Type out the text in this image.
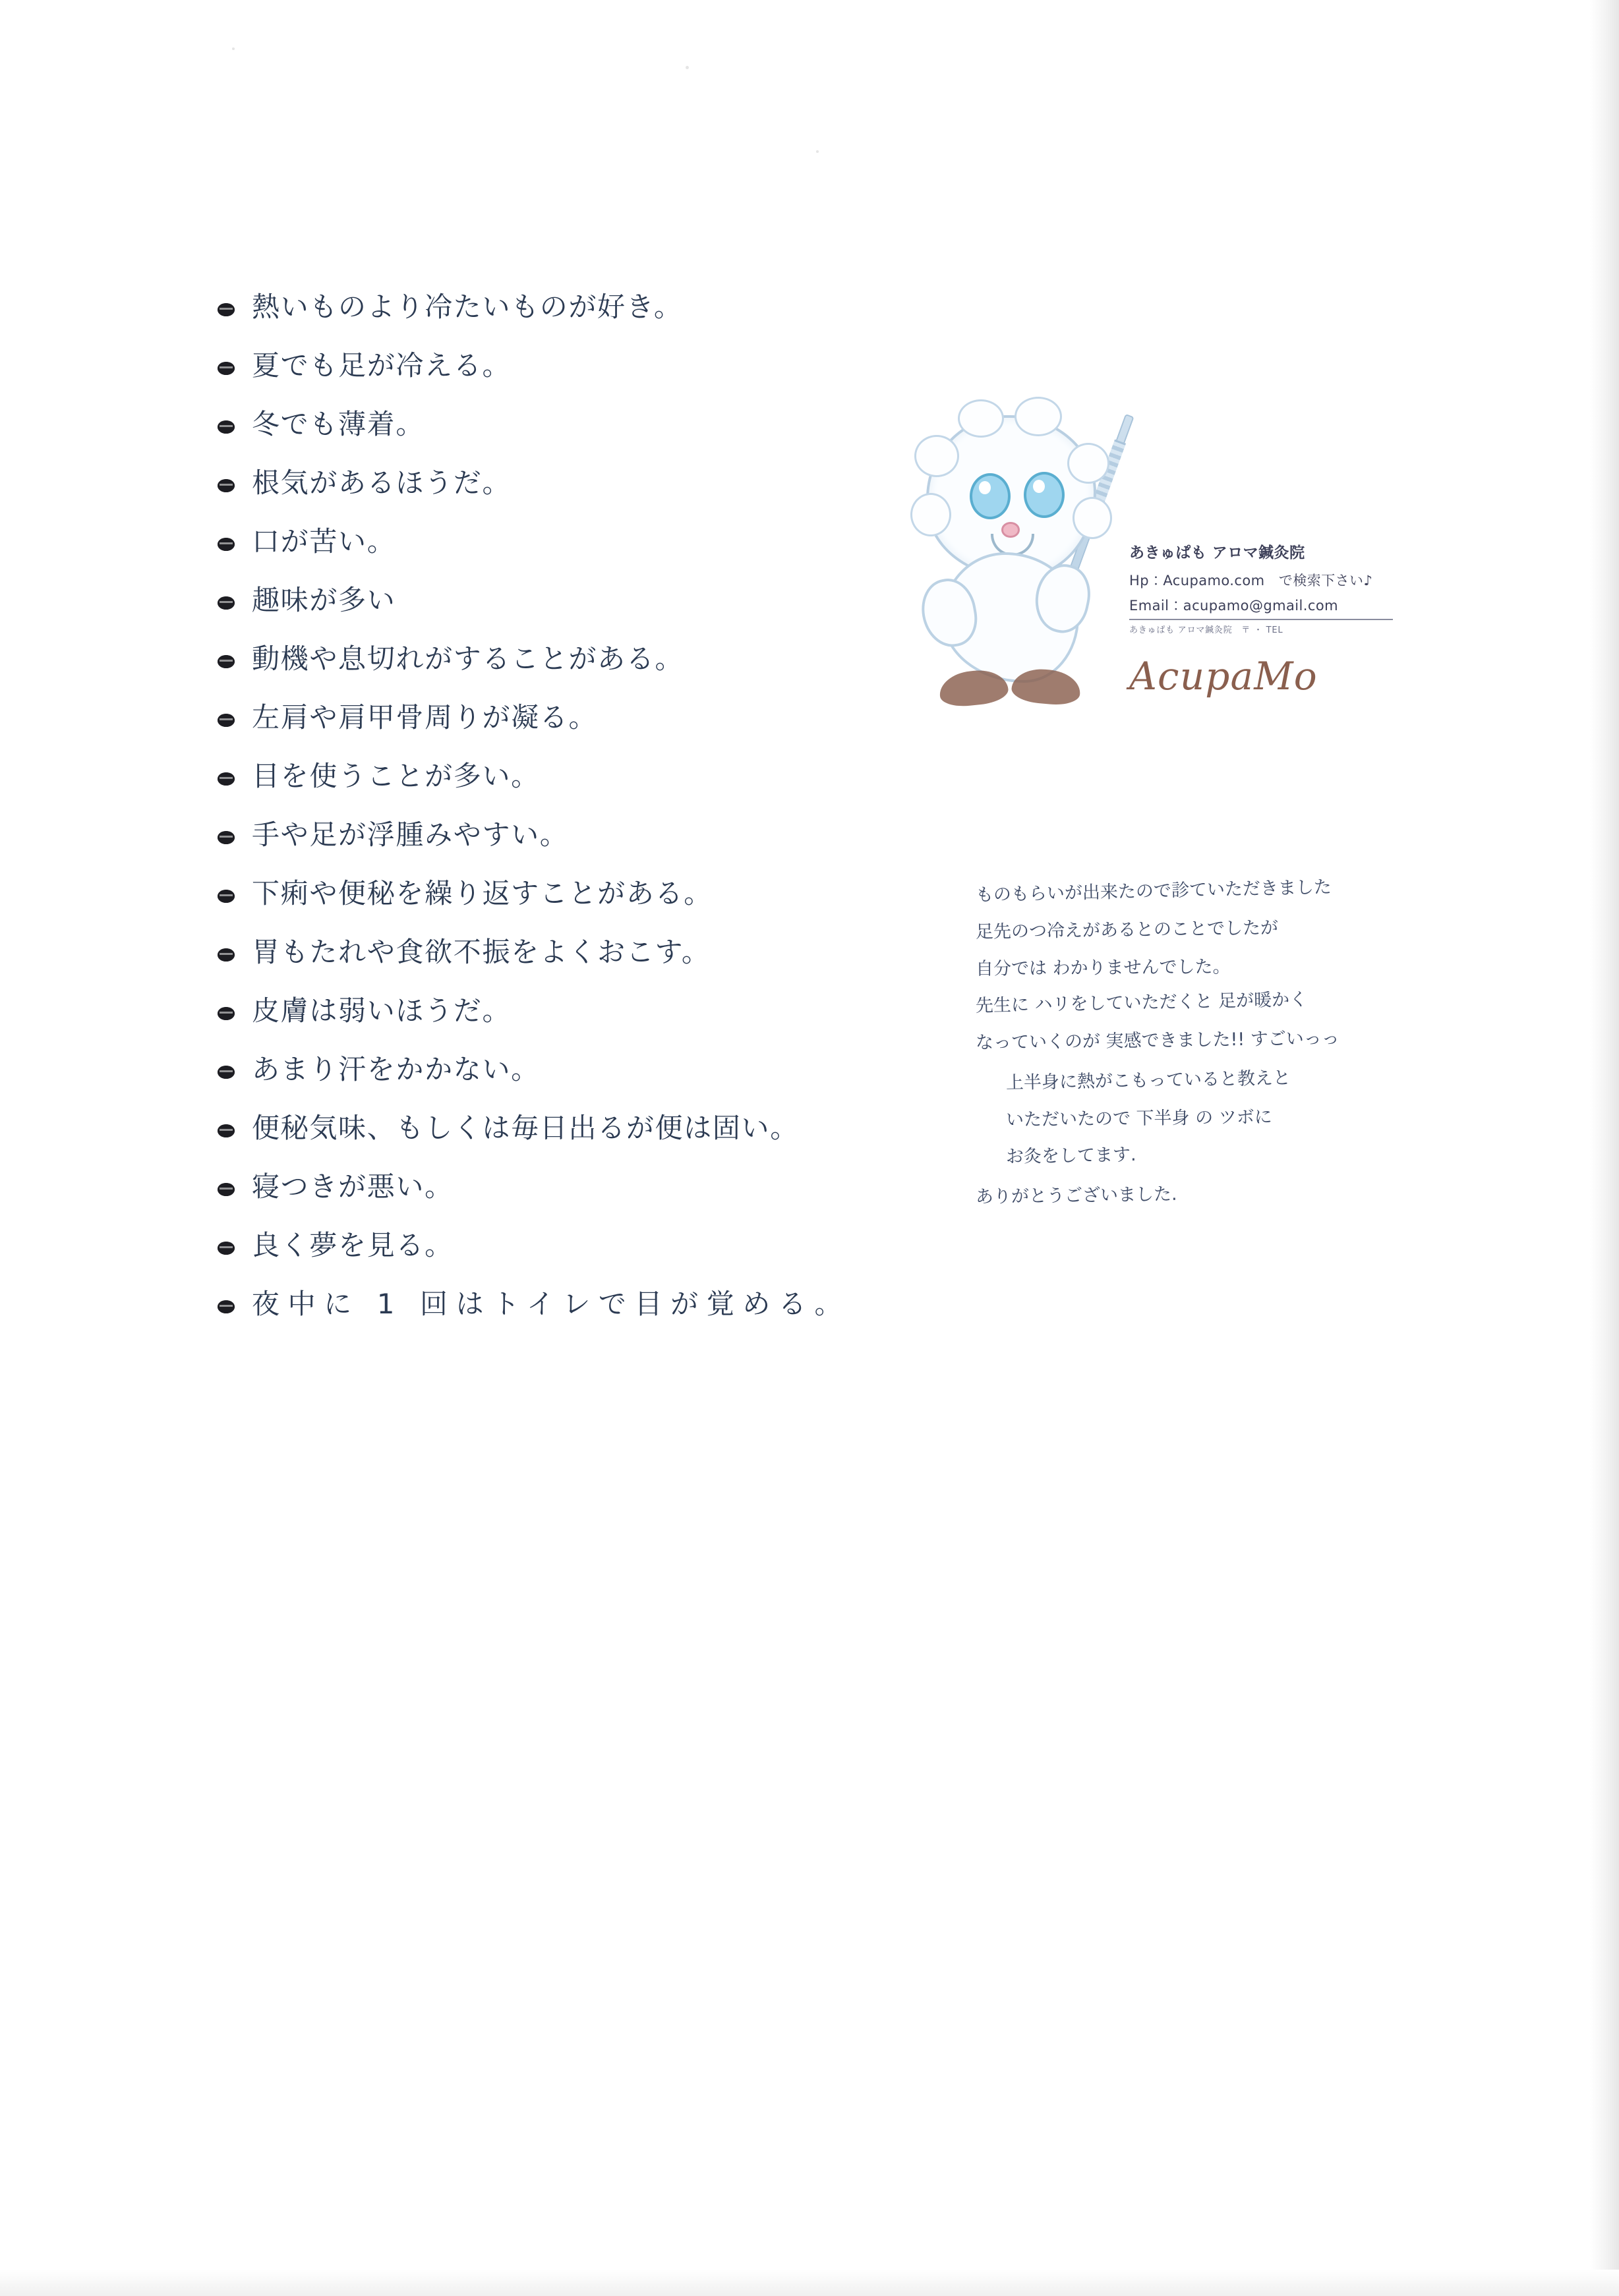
熱いものより冷たいものが好き。
夏でも足が冷える。
冬でも薄着。
根気があるほうだ。
口が苦い。
趣味が多い
動機や息切れがすることがある。
左肩や肩甲骨周りが凝る。
目を使うことが多い。
手や足が浮腫みやすい。
下痢や便秘を繰り返すことがある。
胃もたれや食欲不振をよくおこす。
皮膚は弱いほうだ。
あまり汗をかかない。
便秘気味、もしくは毎日出るが便は固い。
寝つきが悪い。
良く夢を見る。
夜中に 1 回はトイレで目が覚める。
あきゅぱも アロマ鍼灸院
Hp：Acupamo.com　で検索下さい♪
Email：acupamo@gmail.com
あきゅぱも アロマ鍼灸院　〒 ・ TEL
AcupaMo
ものもらいが出来たので診ていただきました
足先のつ冷えがあるとのことでしたが
自分では わかりませんでした。
先生に ハリをしていただくと 足が暖かく
なっていくのが 実感できました!! すごいっっ
上半身に熱がこもっていると教えと
いただいたので 下半身 の ツボに
お灸をしてます.
ありがとうございました.
